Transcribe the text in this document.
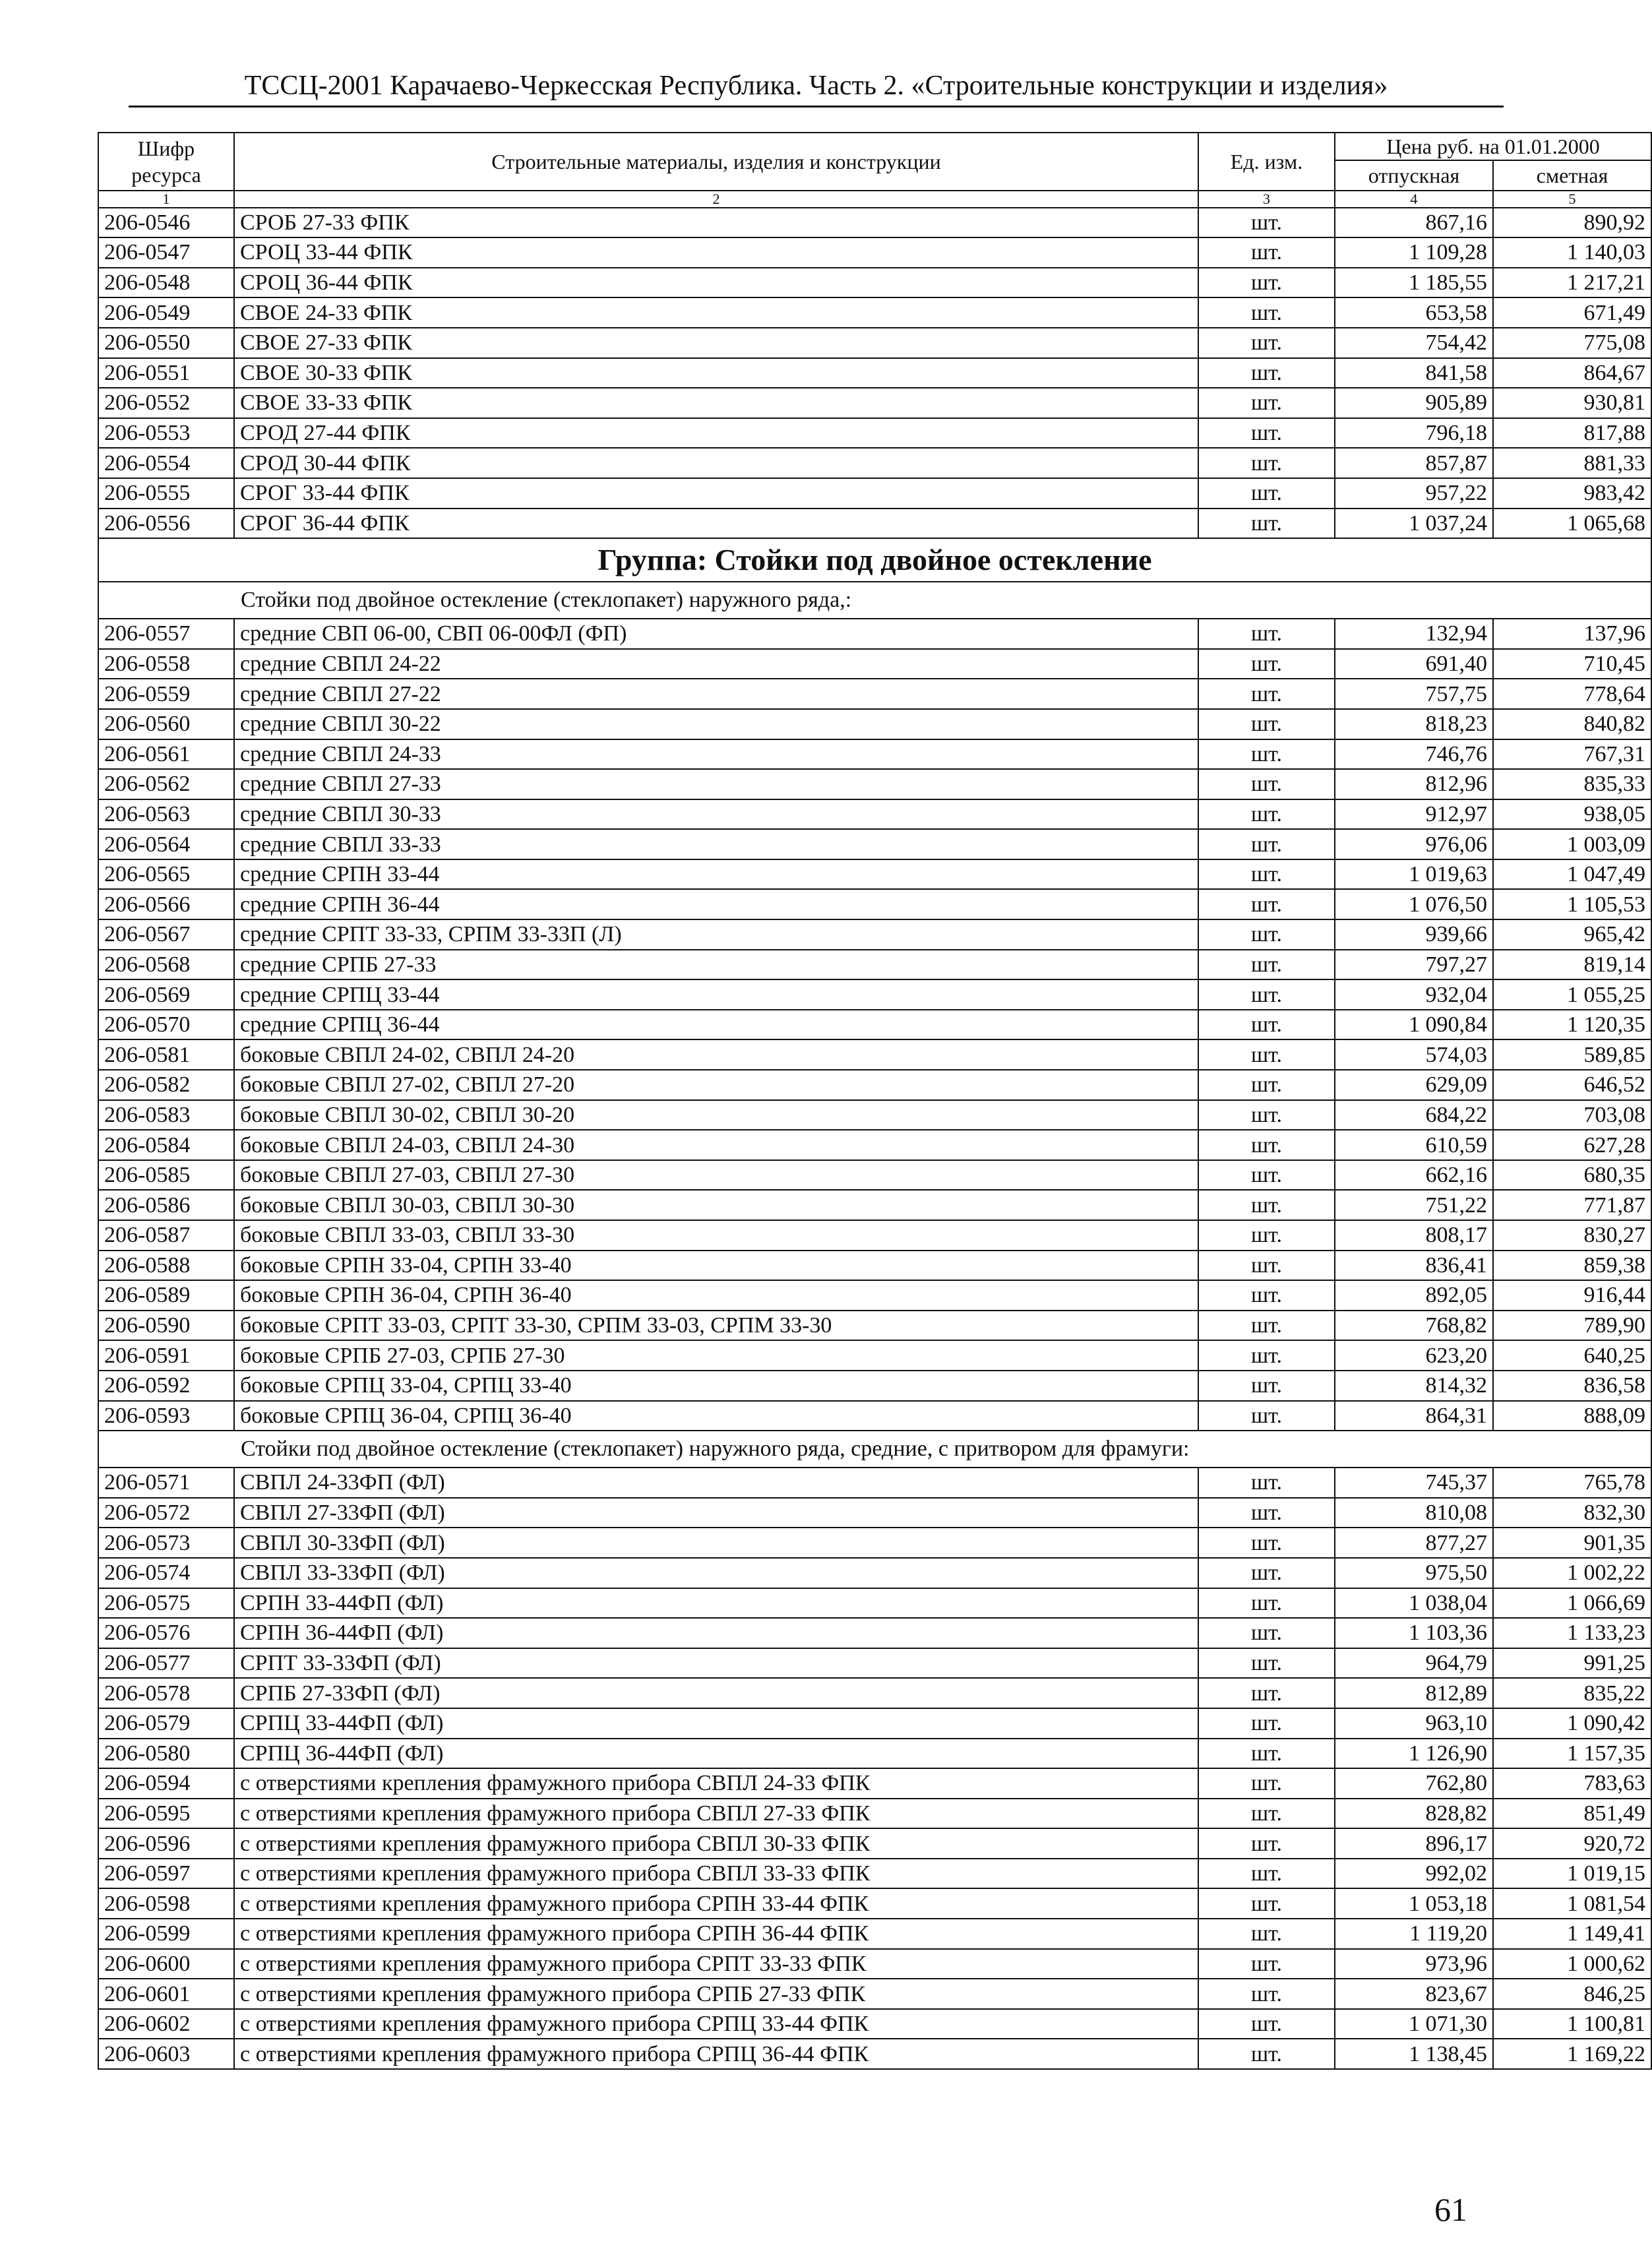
ТССЦ-2001 Карачаево-Черкесская Республика. Часть 2. «Строительные конструкции и изделия»
Шифр ресурса	Строительные материалы, изделия и конструкции	Ед. изм.	Цена руб. на 01.01.2000	
			отпускная	сметная
1	2	3	4	5
206-0546	СРОБ 27-33 ФПК	шт.	867,16	890,92
206-0547	СРОЦ 33-44 ФПК	шт.	1 109,28	1 140,03
206-0548	СРОЦ 36-44 ФПК	шт.	1 185,55	1 217,21
206-0549	СВОЕ 24-33 ФПК	шт.	653,58	671,49
206-0550	СВОЕ 27-33 ФПК	шт.	754,42	775,08
206-0551	СВОЕ 30-33 ФПК	шт.	841,58	864,67
206-0552	СВОЕ 33-33 ФПК	шт.	905,89	930,81
206-0553	СРОД 27-44 ФПК	шт.	796,18	817,88
206-0554	СРОД 30-44 ФПК	шт.	857,87	881,33
206-0555	СРОГ 33-44 ФПК	шт.	957,22	983,42
206-0556	СРОГ 36-44 ФПК	шт.	1 037,24	1 065,68
Группа: Стойки под двойное остекление				
Стойки под двойное остекление (стеклопакет) наружного ряда,:				
206-0557	средние СВП 06-00, СВП 06-00ФЛ (ФП)	шт.	132,94	137,96
206-0558	средние СВПЛ 24-22	шт.	691,40	710,45
206-0559	средние СВПЛ 27-22	шт.	757,75	778,64
206-0560	средние СВПЛ 30-22	шт.	818,23	840,82
206-0561	средние СВПЛ 24-33	шт.	746,76	767,31
206-0562	средние СВПЛ 27-33	шт.	812,96	835,33
206-0563	средние СВПЛ 30-33	шт.	912,97	938,05
206-0564	средние СВПЛ 33-33	шт.	976,06	1 003,09
206-0565	средние СРПН 33-44	шт.	1 019,63	1 047,49
206-0566	средние СРПН 36-44	шт.	1 076,50	1 105,53
206-0567	средние СРПТ 33-33, СРПМ 33-33П (Л)	шт.	939,66	965,42
206-0568	средние СРПБ 27-33	шт.	797,27	819,14
206-0569	средние СРПЦ 33-44	шт.	932,04	1 055,25
206-0570	средние СРПЦ 36-44	шт.	1 090,84	1 120,35
206-0581	боковые СВПЛ 24-02, СВПЛ 24-20	шт.	574,03	589,85
206-0582	боковые СВПЛ 27-02, СВПЛ 27-20	шт.	629,09	646,52
206-0583	боковые СВПЛ 30-02, СВПЛ 30-20	шт.	684,22	703,08
206-0584	боковые СВПЛ 24-03, СВПЛ 24-30	шт.	610,59	627,28
206-0585	боковые СВПЛ 27-03, СВПЛ 27-30	шт.	662,16	680,35
206-0586	боковые СВПЛ 30-03, СВПЛ 30-30	шт.	751,22	771,87
206-0587	боковые СВПЛ 33-03, СВПЛ 33-30	шт.	808,17	830,27
206-0588	боковые СРПН 33-04, СРПН 33-40	шт.	836,41	859,38
206-0589	боковые СРПН 36-04, СРПН 36-40	шт.	892,05	916,44
206-0590	боковые СРПТ 33-03, СРПТ 33-30, СРПМ 33-03, СРПМ 33-30	шт.	768,82	789,90
206-0591	боковые СРПБ 27-03, СРПБ 27-30	шт.	623,20	640,25
206-0592	боковые СРПЦ 33-04, СРПЦ 33-40	шт.	814,32	836,58
206-0593	боковые СРПЦ 36-04, СРПЦ 36-40	шт.	864,31	888,09
Стойки под двойное остекление (стеклопакет) наружного ряда, средние, с притвором для фрамуги:				
206-0571	СВПЛ 24-33ФП (ФЛ)	шт.	745,37	765,78
206-0572	СВПЛ 27-33ФП (ФЛ)	шт.	810,08	832,30
206-0573	СВПЛ 30-33ФП (ФЛ)	шт.	877,27	901,35
206-0574	СВПЛ 33-33ФП (ФЛ)	шт.	975,50	1 002,22
206-0575	СРПН 33-44ФП (ФЛ)	шт.	1 038,04	1 066,69
206-0576	СРПН 36-44ФП (ФЛ)	шт.	1 103,36	1 133,23
206-0577	СРПТ 33-33ФП (ФЛ)	шт.	964,79	991,25
206-0578	СРПБ 27-33ФП (ФЛ)	шт.	812,89	835,22
206-0579	СРПЦ 33-44ФП (ФЛ)	шт.	963,10	1 090,42
206-0580	СРПЦ 36-44ФП (ФЛ)	шт.	1 126,90	1 157,35
206-0594	с отверстиями крепления фрамужного прибора СВПЛ 24-33 ФПК	шт.	762,80	783,63
206-0595	с отверстиями крепления фрамужного прибора СВПЛ 27-33 ФПК	шт.	828,82	851,49
206-0596	с отверстиями крепления фрамужного прибора СВПЛ 30-33 ФПК	шт.	896,17	920,72
206-0597	с отверстиями крепления фрамужного прибора СВПЛ 33-33 ФПК	шт.	992,02	1 019,15
206-0598	с отверстиями крепления фрамужного прибора СРПН 33-44 ФПК	шт.	1 053,18	1 081,54
206-0599	с отверстиями крепления фрамужного прибора СРПН 36-44 ФПК	шт.	1 119,20	1 149,41
206-0600	с отверстиями крепления фрамужного прибора СРПТ 33-33 ФПК	шт.	973,96	1 000,62
206-0601	с отверстиями крепления фрамужного прибора СРПБ 27-33 ФПК	шт.	823,67	846,25
206-0602	с отверстиями крепления фрамужного прибора СРПЦ 33-44 ФПК	шт.	1 071,30	1 100,81
206-0603	с отверстиями крепления фрамужного прибора СРПЦ 36-44 ФПК	шт.	1 138,45	1 169,22
61
